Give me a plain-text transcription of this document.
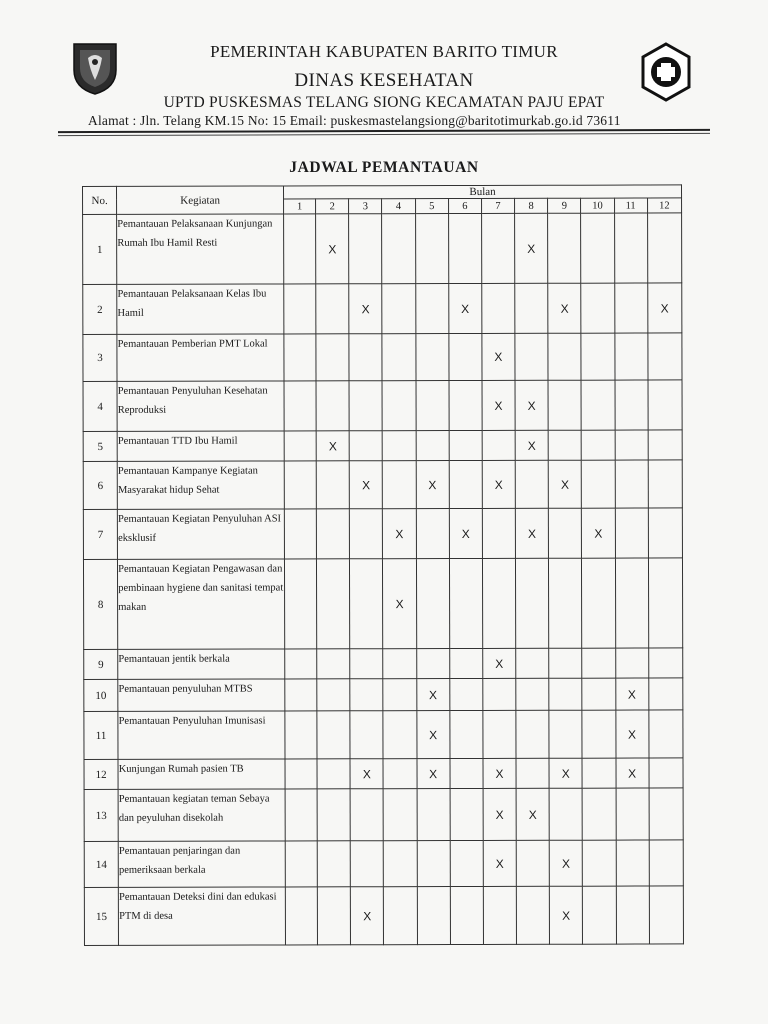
PEMERINTAH KABUPATEN BARITO TIMUR
DINAS KESEHATAN
UPTD PUSKESMAS TELANG SIONG KECAMATAN PAJU EPAT
Alamat : Jln. Telang KM.15 No: 15 Email: puskesmastelangsiong@baritotimurkab.go.id 73611
JADWAL PEMANTAUAN
No.	Kegiatan	Bulan											
		1	2	3	4	5	6	7	8	9	10	11	12
1	Pemantauan Pelaksanaan Kunjungan Rumah Ibu Hamil Resti		X						X				
2	Pemantauan Pelaksanaan Kelas Ibu Hamil			X			X			X			X
3	Pemantauan Pemberian PMT Lokal							X					
4	Pemantauan Penyuluhan Kesehatan Reproduksi							X	X				
5	Pemantauan TTD Ibu Hamil		X						X				
6	Pemantauan Kampanye Kegiatan Masyarakat hidup Sehat			X		X		X		X			
7	Pemantauan Kegiatan Penyuluhan ASI eksklusif				X		X		X		X		
8	Pemantauan Kegiatan Pengawasan dan pembinaan hygiene dan sanitasi tempat makan				X								
9	Pemantauan jentik berkala							X					
10	Pemantauan penyuluhan MTBS					X						X	
11	Pemantauan Penyuluhan Imunisasi					X						X	
12	Kunjungan Rumah pasien TB			X		X		X		X		X	
13	Pemantauan kegiatan teman Sebaya dan peyuluhan disekolah							X	X				
14	Pemantauan penjaringan dan pemeriksaan berkala							X		X			
15	Pemantauan Deteksi dini dan edukasi PTM di desa			X						X			
